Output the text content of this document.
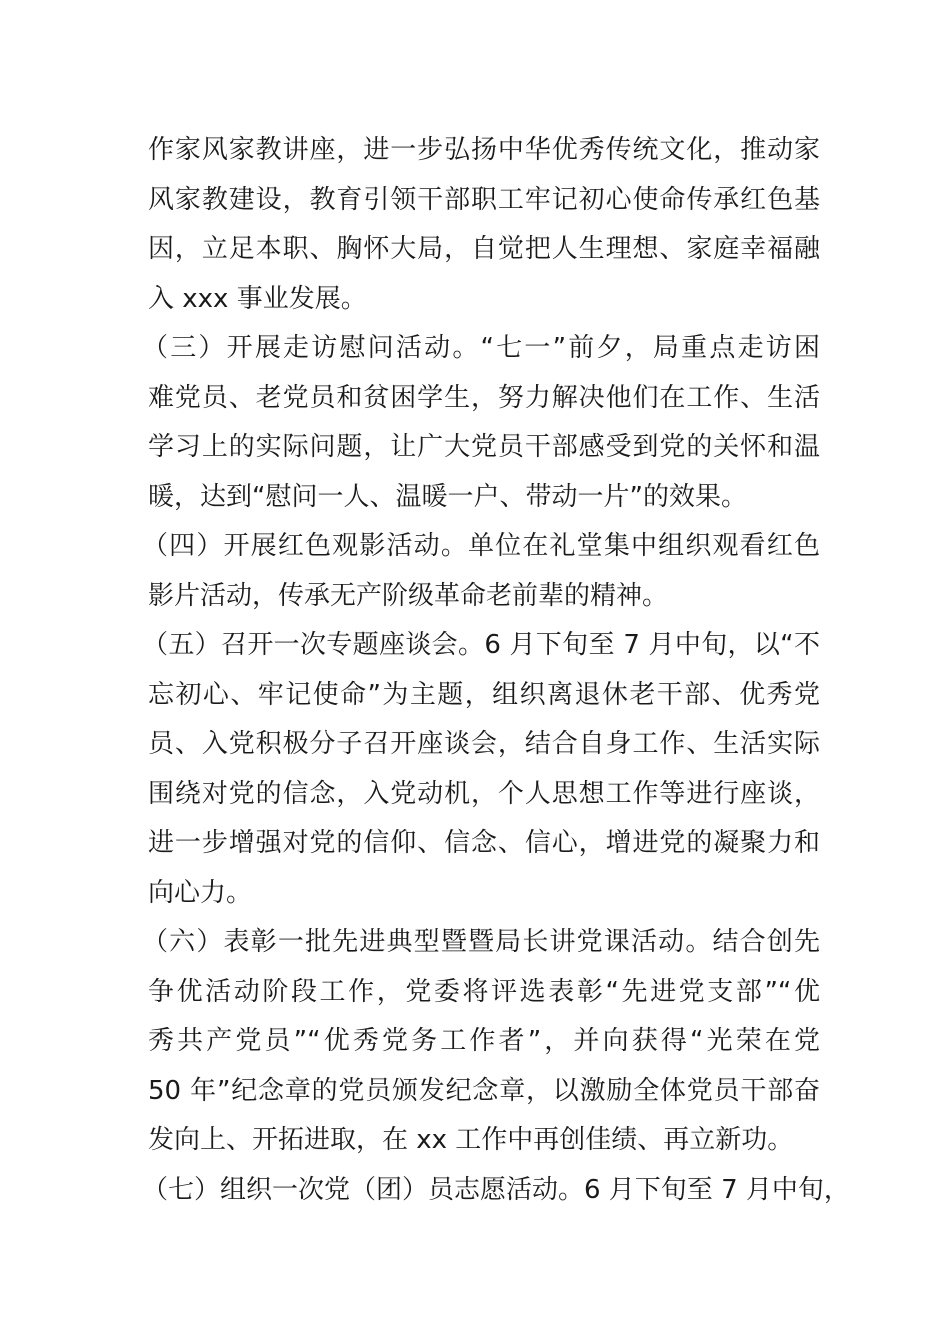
作家风家教讲座，进一步弘扬中华优秀传统文化，推动家
风家教建设，教育引领干部职工牢记初心使命传承红色基
因，立足本职、胸怀大局，自觉把人生理想、家庭幸福融
入 xxx 事业发展。
（三）开展走访慰问活动。“七一”前夕，局重点走访困
难党员、老党员和贫困学生，努力解决他们在工作、生活
学习上的实际问题，让广大党员干部感受到党的关怀和温
暖，达到“慰问一人、温暖一户、带动一片”的效果。
（四）开展红色观影活动。单位在礼堂集中组织观看红色
影片活动，传承无产阶级革命老前辈的精神。
（五）召开一次专题座谈会。6 月下旬至 7 月中旬，以“不
忘初心、牢记使命”为主题，组织离退休老干部、优秀党
员、入党积极分子召开座谈会，结合自身工作、生活实际
围绕对党的信念，入党动机，个人思想工作等进行座谈，
进一步增强对党的信仰、信念、信心，增进党的凝聚力和
向心力。
（六）表彰一批先进典型暨暨局长讲党课活动。结合创先
争优活动阶段工作，党委将评选表彰“先进党支部”“优
秀共产党员”“优秀党务工作者”，并向获得“光荣在党
50 年”纪念章的党员颁发纪念章，以激励全体党员干部奋
发向上、开拓进取，在 xx 工作中再创佳绩、再立新功。
（七）组织一次党（团）员志愿活动。6 月下旬至 7 月中旬，
